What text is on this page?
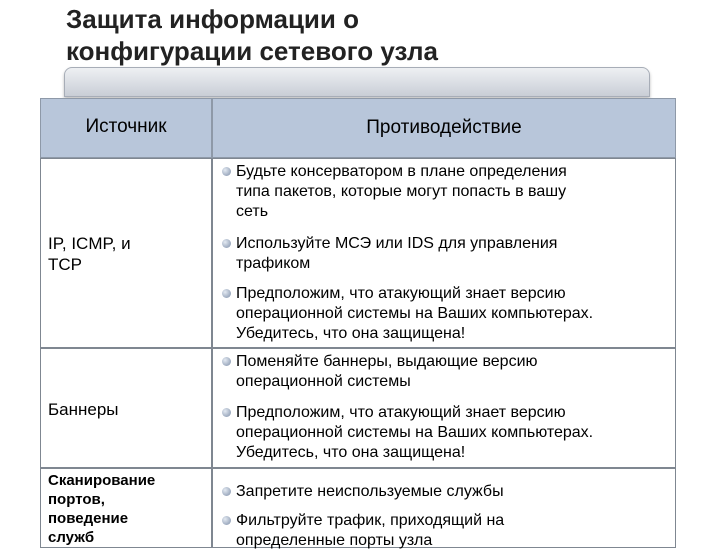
Защита информации о
конфигурации сетевого узла
Источник	Противодействие
IP, ICMP, и
TCP
Баннеры
Сканирование
портов,
поведение
служб
Будьте консерватором в плане определения
типа пакетов, которые могут попасть в вашу
сеть
Используйте МСЭ или IDS для управления
трафиком
Предположим, что атакующий знает версию
операционной системы на Ваших компьютерах.
Убедитесь, что она защищена!
Поменяйте баннеры, выдающие версию
операционной системы
Предположим, что атакующий знает версию
операционной системы на Ваших компьютерах.
Убедитесь, что она защищена!
Запретите неиспользуемые службы
Фильтруйте трафик, приходящий на
определенные порты узла
